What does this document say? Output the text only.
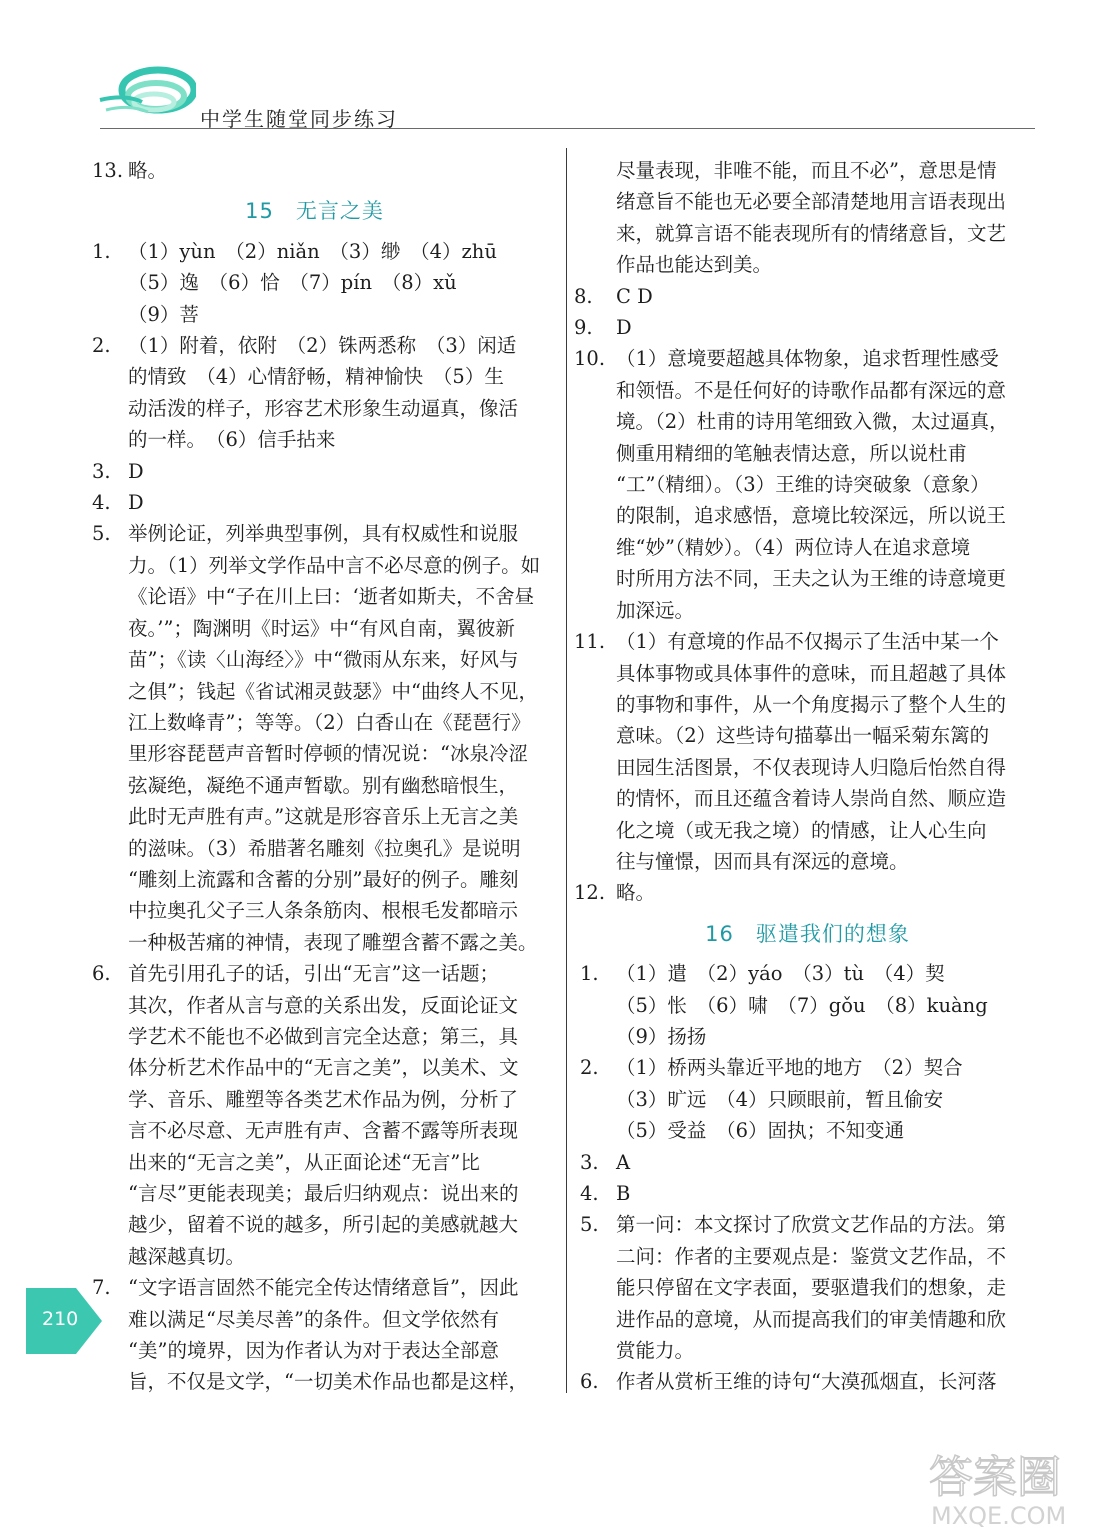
中学生随堂同步练习
13. 略。
15 无言之美
1. （1）yùn　（2）niǎn　（3）缈　（4）zhū
（5）逸　（6）恰　（7）pín　（8）xǔ
（9）菩
2. （1）附着，依附　（2）铢两悉称　（3）闲适
的情致　（4）心情舒畅，精神愉快　（5）生
动活泼的样子，形容艺术形象生动逼真，像活
的一样。　（6）信手拈来
3. D
4. D
5. 举例论证，列举典型事例，具有权威性和说服
力。（1）列举文学作品中言不必尽意的例子。如
《论语》中“子在川上曰：‘逝者如斯夫，不舍昼
夜。’”；陶渊明《时运》中“有风自南，翼彼新
苗”；《读〈山海经〉》中“微雨从东来，好风与
之俱”；钱起《省试湘灵鼓瑟》中“曲终人不见，
江上数峰青”；等等。（2）白香山在《琵琶行》
里形容琵琶声音暂时停顿的情况说：“冰泉冷涩
弦凝绝，凝绝不通声暂歇。别有幽愁暗恨生，
此时无声胜有声。”这就是形容音乐上无言之美
的滋味。（3）希腊著名雕刻《拉奥孔》是说明
“雕刻上流露和含蓄的分别”最好的例子。雕刻
中拉奥孔父子三人条条筋肉、根根毛发都暗示
一种极苦痛的神情，表现了雕塑含蓄不露之美。
6. 首先引用孔子的话，引出“无言”这一话题；
其次，作者从言与意的关系出发，反面论证文
学艺术不能也不必做到言完全达意；第三，具
体分析艺术作品中的“无言之美”，以美术、文
学、音乐、雕塑等各类艺术作品为例，分析了
言不必尽意、无声胜有声、含蓄不露等所表现
出来的“无言之美”，从正面论述“无言”比
“言尽”更能表现美；最后归纳观点：说出来的
越少，留着不说的越多，所引起的美感就越大
越深越真切。
7. “文字语言固然不能完全传达情绪意旨”，因此
难以满足“尽美尽善”的条件。但文学依然有
“美”的境界，因为作者认为对于表达全部意
旨，不仅是文学，“一切美术作品也都是这样，
尽量表现，非唯不能，而且不必”，意思是情
绪意旨不能也无必要全部清楚地用言语表现出
来，就算言语不能表现所有的情绪意旨，文艺
作品也能达到美。
8. C D
9. D
10. （1）意境要超越具体物象，追求哲理性感受
和领悟。不是任何好的诗歌作品都有深远的意
境。（2）杜甫的诗用笔细致入微，太过逼真，
侧重用精细的笔触表情达意，所以说杜甫
“工”（精细）。（3）王维的诗突破象（意象）
的限制，追求感悟，意境比较深远，所以说王
维“妙”（精妙）。（4）两位诗人在追求意境
时所用方法不同，王夫之认为王维的诗意境更
加深远。
11. （1）有意境的作品不仅揭示了生活中某一个
具体事物或具体事件的意味，而且超越了具体
的事物和事件，从一个角度揭示了整个人生的
意味。（2）这些诗句描摹出一幅采菊东篱的
田园生活图景，不仅表现诗人归隐后怡然自得
的情怀，而且还蕴含着诗人崇尚自然、顺应造
化之境（或无我之境）的情感，让人心生向
往与憧憬，因而具有深远的意境。
12. 略。
16 驱遣我们的想象
1. （1）遣　（2）yáo　（3）tù　（4）契
（5）怅　（6）啸　（7）gǒu　（8）kuàng
（9）扬扬
2. （1）桥两头靠近平地的地方　（2）契合
（3）旷远　（4）只顾眼前，暂且偷安
（5）受益　（6）固执；不知变通
3. A
4. B
5. 第一问：本文探讨了欣赏文艺作品的方法。第
二问：作者的主要观点是：鉴赏文艺作品，不
能只停留在文字表面，要驱遣我们的想象，走
进作品的意境，从而提高我们的审美情趣和欣
赏能力。
6. 作者从赏析王维的诗句“大漠孤烟直，长河落
210
答案圈
MXQE.COM
